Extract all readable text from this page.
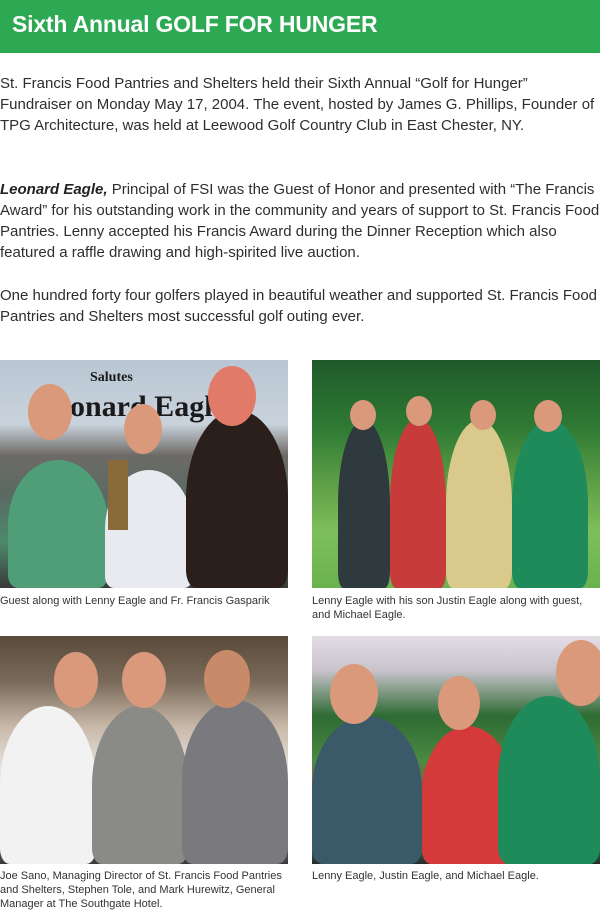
Sixth Annual GOLF FOR HUNGER

St. Francis Food Pantries and Shelters held their Sixth Annual “Golf for Hunger” Fundraiser on Monday May 17, 2004. The event, hosted by James G. Phillips, Founder of TPG Architecture, was held at Leewood Golf Country Club in East Chester, NY.

Leonard Eagle, Principal of FSI was the Guest of Honor and presented with “The Francis Award” for his outstanding work in the community and years of support to St. Francis Food Pantries. Lenny accepted his Francis Award during the Dinner Reception which also featured a raffle drawing and high-spirited live auction.

One hundred forty four golfers played in beautiful weather and supported St. Francis Food Pantries and Shelters most successful golf outing ever.

Salutes
onard Eagle
Guest along with Lenny Eagle and Fr. Francis Gasparik	Lenny Eagle with his son Justin Eagle along with guest, and Michael Eagle.
Joe Sano, Managing Director of St. Francis Food Pantries and Shelters, Stephen Tole, and Mark Hurewitz, General Manager at The Southgate Hotel.
Lenny Eagle, Justin Eagle, and Michael Eagle.
